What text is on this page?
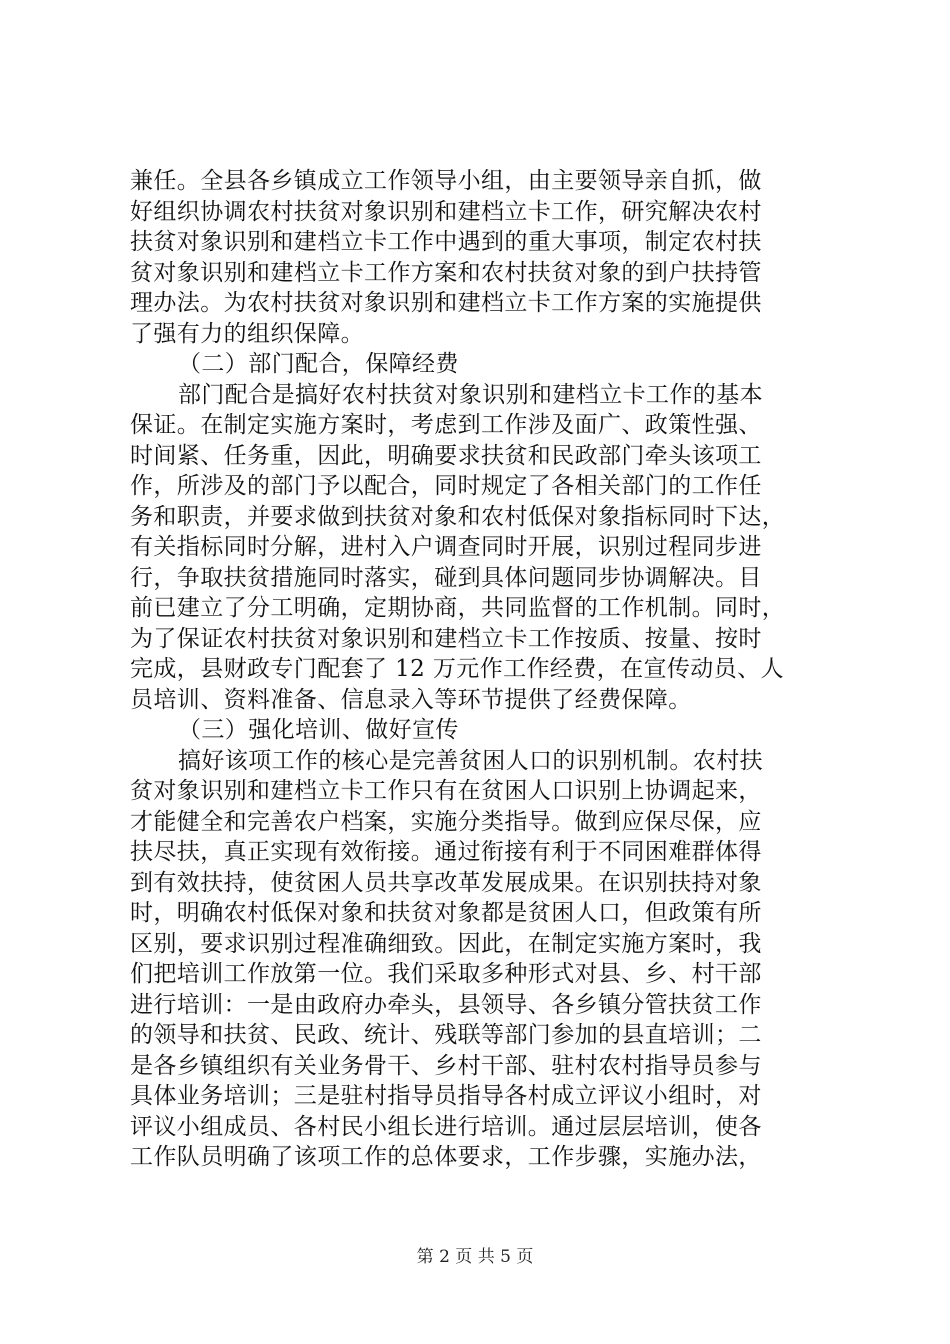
兼任。全县各乡镇成立工作领导小组，由主要领导亲自抓，做
好组织协调农村扶贫对象识别和建档立卡工作，研究解决农村
扶贫对象识别和建档立卡工作中遇到的重大事项，制定农村扶
贫对象识别和建档立卡工作方案和农村扶贫对象的到户扶持管
理办法。为农村扶贫对象识别和建档立卡工作方案的实施提供
了强有力的组织保障。
（二）部门配合，保障经费
部门配合是搞好农村扶贫对象识别和建档立卡工作的基本
保证。在制定实施方案时，考虑到工作涉及面广、政策性强、
时间紧、任务重，因此，明确要求扶贫和民政部门牵头该项工
作，所涉及的部门予以配合，同时规定了各相关部门的工作任
务和职责，并要求做到扶贫对象和农村低保对象指标同时下达，
有关指标同时分解，进村入户调查同时开展，识别过程同步进
行，争取扶贫措施同时落实，碰到具体问题同步协调解决。目
前已建立了分工明确，定期协商，共同监督的工作机制。同时，
为了保证农村扶贫对象识别和建档立卡工作按质、按量、按时
完成，县财政专门配套了 12 万元作工作经费，在宣传动员、人
员培训、资料准备、信息录入等环节提供了经费保障。
（三）强化培训、做好宣传
搞好该项工作的核心是完善贫困人口的识别机制。农村扶
贫对象识别和建档立卡工作只有在贫困人口识别上协调起来，
才能健全和完善农户档案，实施分类指导。做到应保尽保，应
扶尽扶，真正实现有效衔接。通过衔接有利于不同困难群体得
到有效扶持，使贫困人员共享改革发展成果。在识别扶持对象
时，明确农村低保对象和扶贫对象都是贫困人口，但政策有所
区别，要求识别过程准确细致。因此，在制定实施方案时，我
们把培训工作放第一位。我们采取多种形式对县、乡、村干部
进行培训：一是由政府办牵头，县领导、各乡镇分管扶贫工作
的领导和扶贫、民政、统计、残联等部门参加的县直培训；二
是各乡镇组织有关业务骨干、乡村干部、驻村农村指导员参与
具体业务培训；三是驻村指导员指导各村成立评议小组时，对
评议小组成员、各村民小组长进行培训。通过层层培训，使各
工作队员明确了该项工作的总体要求，工作步骤，实施办法，
第 2 页 共 5 页
